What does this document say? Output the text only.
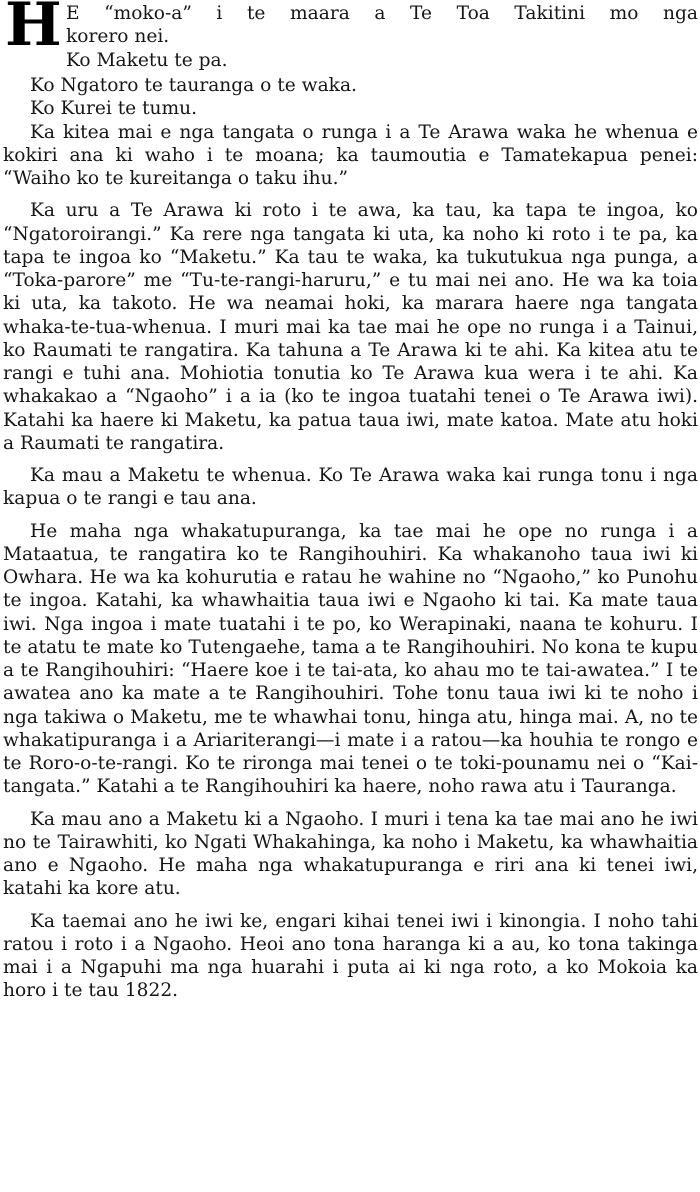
H E “moko-a” i te maara a Te Toa Takitini mo nga
korero nei.
Ko Maketu te pa.

Ko Ngatoro te tauranga o te waka.

Ko Kurei te tumu.

Ka kitea mai e nga tangata o runga i a Te Arawa waka he whenua e kokiri ana ki waho i te moana; ka taumoutia e Tamatekapua penei: “Waiho ko te kureitanga o taku ihu.”

Ka uru a Te Arawa ki roto i te awa, ka tau, ka tapa te ingoa, ko “Ngatoroirangi.” Ka rere nga tangata ki uta, ka noho ki roto i te pa, ka tapa te ingoa ko “Maketu.” Ka tau te waka, ka tukutukua nga punga, a “Toka-parore” me “Tu-te-rangi-haruru,” e tu mai nei ano. He wa ka toia ki uta, ka takoto. He wa neamai hoki, ka marara haere nga tangata whaka-te-tua-whenua. I muri mai ka tae mai he ope no runga i a Tainui, ko Raumati te rangatira. Ka tahuna a Te Arawa ki te ahi. Ka kitea atu te rangi e tuhi ana. Mohiotia tonutia ko Te Arawa kua wera i te ahi. Ka whakakao a “Ngaoho” i a ia (ko te ingoa tuatahi tenei o Te Arawa iwi). Katahi ka haere ki Maketu, ka patua taua iwi, mate katoa. Mate atu hoki a Raumati te rangatira.

Ka mau a Maketu te whenua. Ko Te Arawa waka kai runga tonu i nga kapua o te rangi e tau ana.

He maha nga whakatupuranga, ka tae mai he ope no runga i a Mataatua, te rangatira ko te Rangihouhiri. Ka whakanoho taua iwi ki Owhara. He wa ka kohurutia e ratau he wahine no “Ngaoho,” ko Punohu te ingoa. Katahi, ka whawhaitia taua iwi e Ngaoho ki tai. Ka mate taua iwi. Nga ingoa i mate tuatahi i te po, ko Werapinaki, naana te kohuru. I te atatu te mate ko Tutengaehe, tama a te Rangihouhiri. No kona te kupu a te Rangihouhiri: “Haere koe i te tai-ata, ko ahau mo te tai-awatea.” I te awatea ano ka mate a te Rangihouhiri. Tohe tonu taua iwi ki te noho i nga takiwa o Maketu, me te whawhai tonu, hinga atu, hinga mai. A, no te whakatipuranga i a Ariariterangi—i mate i a ratou—ka houhia te rongo e te Roro-o-te-rangi. Ko te rironga mai tenei o te toki-pounamu nei o “Kai-tangata.” Katahi a te Rangihouhiri ka haere, noho rawa atu i Tauranga.

Ka mau ano a Maketu ki a Ngaoho. I muri i tena ka tae mai ano he iwi no te Tairawhiti, ko Ngati Whakahinga, ka noho i Maketu, ka whawhaitia ano e Ngaoho. He maha nga whakatupuranga e riri ana ki tenei iwi, katahi ka kore atu.

Ka taemai ano he iwi ke, engari kihai tenei iwi i kinongia. I noho tahi ratou i roto i a Ngaoho. Heoi ano tona haranga ki a au, ko tona takinga mai i a Ngapuhi ma nga huarahi i puta ai ki nga roto, a ko Mokoia ka horo i te tau 1822.
